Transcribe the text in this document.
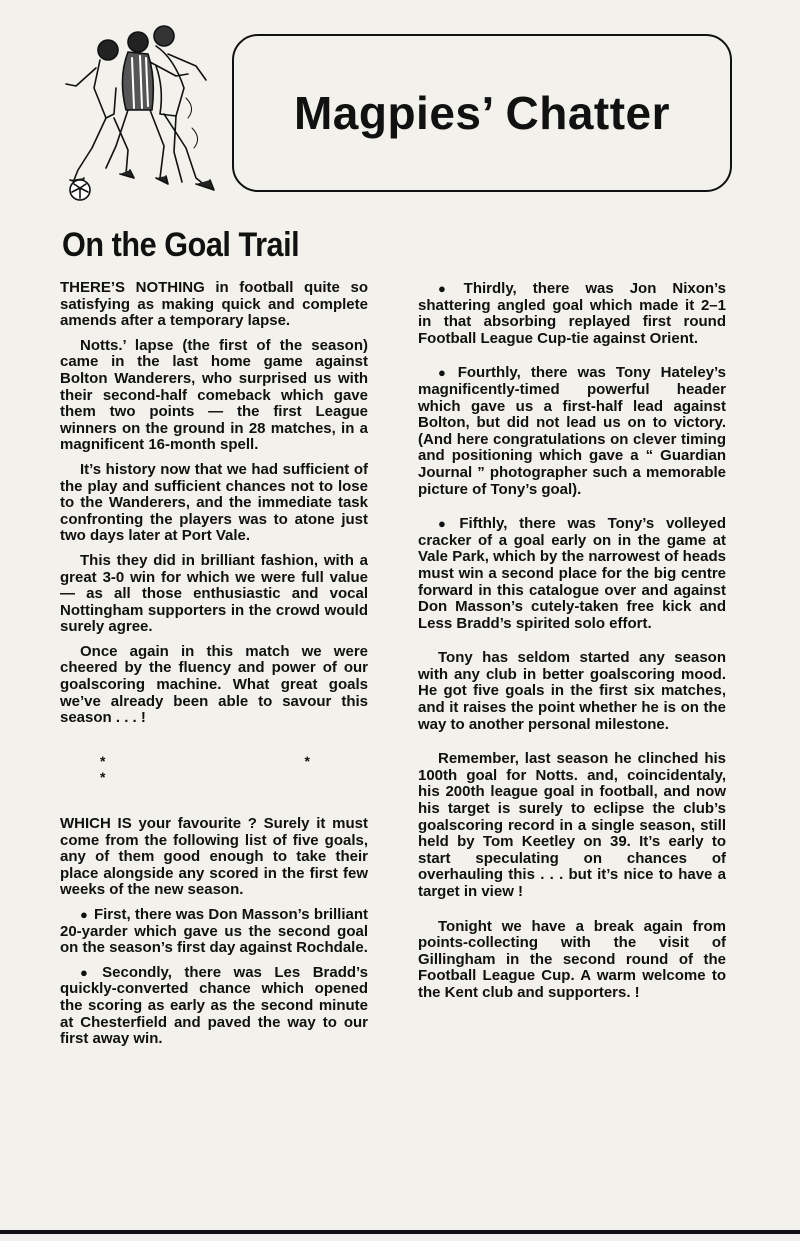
Magpies’ Chatter
On the Goal Trail

THERE’S NOTHING in football quite so satisfying as making quick and complete amends after a temporary lapse.

Notts.’ lapse (the first of the season) came in the last home game against Bolton Wanderers, who surprised us with their second-half comeback which gave them two points — the first League winners on the ground in 28 matches, in a magnificent 16-month spell.

It’s history now that we had sufficient of the play and sufficient chances not to lose to the Wanderers, and the immediate task confronting the players was to atone just two days later at Port Vale.

This they did in brilliant fashion, with a great 3-0 win for which we were full value — as all those enthusiastic and vocal Nottingham supporters in the crowd would surely agree.

Once again in this match we were cheered by the fluency and power of our goalscoring machine. What great goals we’ve already been able to savour this season . . . !

* * *

WHICH IS your favourite ? Surely it must come from the following list of five goals, any of them good enough to take their place alongside any scored in the first few weeks of the new season.

● First, there was Don Masson’s brilliant 20-yarder which gave us the second goal on the season’s first day against Rochdale.

● Secondly, there was Les Bradd’s quickly-converted chance which opened the scoring as early as the second minute at Chesterfield and paved the way to our first away win.

● Thirdly, there was Jon Nixon’s shattering angled goal which made it 2–1 in that absorbing replayed first round Football League Cup-tie against Orient.

● Fourthly, there was Tony Hateley’s magnificently-timed powerful header which gave us a first-half lead against Bolton, but did not lead us on to victory. (And here congratulations on clever timing and positioning which gave a “ Guardian Journal ” photographer such a memorable picture of Tony’s goal).

● Fifthly, there was Tony’s volleyed cracker of a goal early on in the game at Vale Park, which by the narrowest of heads must win a second place for the big centre forward in this catalogue over and against Don Masson’s cutely-taken free kick and Less Bradd’s spirited solo effort.

Tony has seldom started any season with any club in better goalscoring mood. He got five goals in the first six matches, and it raises the point whether he is on the way to another personal milestone.

Remember, last season he clinched his 100th goal for Notts. and, coincidentaly, his 200th league goal in football, and now his target is surely to eclipse the club’s goalscoring record in a single season, still held by Tom Keetley on 39. It’s early to start speculating on chances of overhauling this . . . but it’s nice to have a target in view !

Tonight we have a break again from points-collecting with the visit of Gillingham in the second round of the Football League Cup. A warm welcome to the Kent club and supporters. !
